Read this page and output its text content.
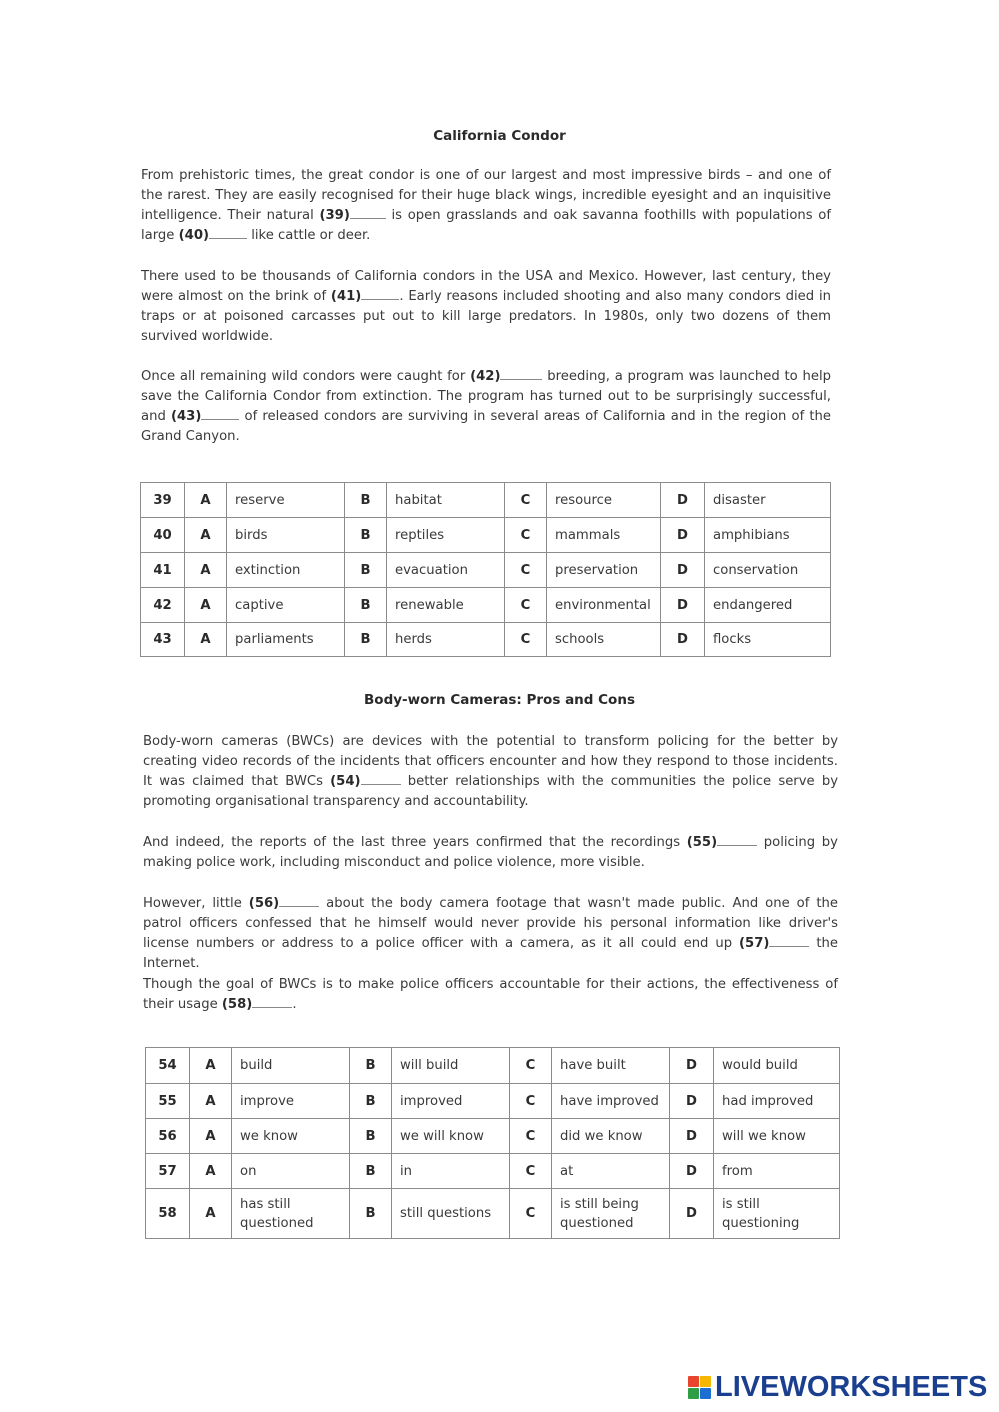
California Condor

From prehistoric times, the great condor is one of our largest and most impressive birds – and one of the rarest. They are easily recognised for their huge black wings, incredible eyesight and an inquisitive intelligence. Their natural (39)	is open grasslands and oak savanna foothills with populations of large (40)	like cattle or deer.

There used to be thousands of California condors in the USA and Mexico. However, last century, they were almost on the brink of (41)	. Early reasons included shooting and also many condors died in traps or at poisoned carcasses put out to kill large predators. In 1980s, only two dozens of them survived worldwide.

Once all remaining wild condors were caught for (42)	breeding, a program was launched to help save the California Condor from extinction. The program has turned out to be surprisingly successful, and (43)	of released condors are surviving in several areas of California and in the region of the Grand Canyon.

39	A	reserve	B	habitat	C	resource	D	disaster
40	A	birds	B	reptiles	C	mammals	D	amphibians
41	A	extinction	B	evacuation	C	preservation	D	conservation
42	A	captive	B	renewable	C	environmental	D	endangered
43	A	parliaments	B	herds	C	schools	D	flocks
Body-worn Cameras: Pros and Cons

Body-worn cameras (BWCs) are devices with the potential to transform policing for the better by creating video records of the incidents that officers encounter and how they respond to those incidents. It was claimed that BWCs (54)	better relationships with the communities the police serve by promoting organisational transparency and accountability.

And indeed, the reports of the last three years confirmed that the recordings (55)	policing by making police work, including misconduct and police violence, more visible.

However, little (56)	about the body camera footage that wasn't made public. And one of the patrol officers confessed that he himself would never provide his personal information like driver's license numbers or address to a police officer with a camera, as it all could end up (57)	the Internet.

Though the goal of BWCs is to make police officers accountable for their actions, the effectiveness of their usage (58)	.

54	A	build	B	will build	C	have built	D	would build
55	A	improve	B	improved	C	have improved	D	had improved
56	A	we know	B	we will know	C	did we know	D	will we know
57	A	on	B	in	C	at	D	from
58	A	has still questioned	B	still questions	C	is still being questioned	D	is still questioning
LIVEWORKSHEETS
